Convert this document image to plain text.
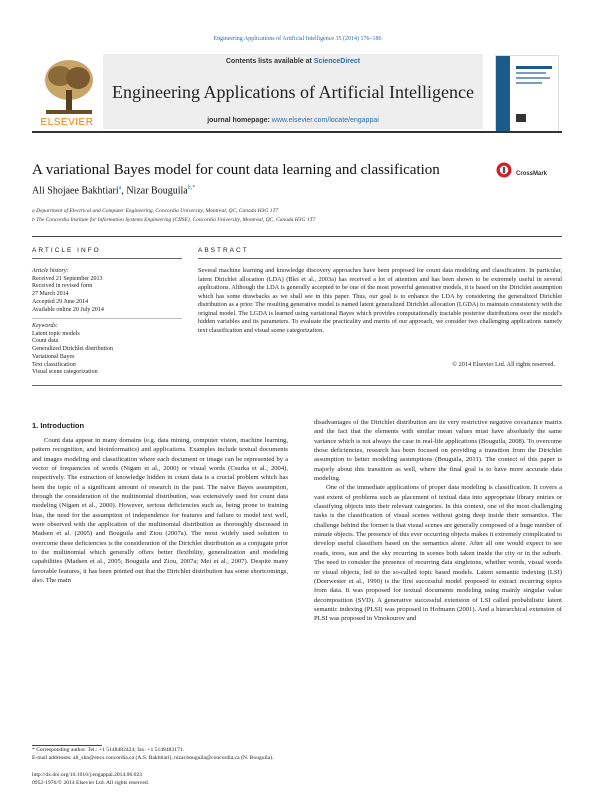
Engineering Applications of Artificial Intelligence 35 (2014) 176–186
Contents lists available at ScienceDirect
Engineering Applications of Artificial Intelligence
journal homepage: www.elsevier.com/locate/engappai
ELSEVIER
A variational Bayes model for count data learning and classification	CrossMark
Ali Shojaee Bakhtiari$^a$, Nizar Bouguila$^{b,*}$
a Department of Electrical and Computer Engineering, Concordia University, Montreal, QC, Canada H3G 1T7
b The Concordia Institute for Information Systems Engineering (CIISE), Concordia University, Montreal, QC, Canada H3G 1T7
ARTICLE INFO
Article history:
Received 21 September 2013
Received in revised form
27 March 2014
Accepted 29 June 2014
Available online 20 July 2014
Keywords:
Latent topic models
Count data
Generalized Dirichlet distribution
Variational Bayes
Text classification
Visual scene categorization
ABSTRACT
Several machine learning and knowledge discovery approaches have been proposed for count data modeling and classification. In particular, latent Dirichlet allocation (LDA) (Blei et al., 2003a) has received a lot of attention and has been shown to be extremely useful in several applications. Although the LDA is generally accepted to be one of the most powerful generative models, it is based on the Dirichlet assumption which has some drawbacks as we shall see in this paper. Thus, our goal is to enhance the LDA by considering the generalized Dirichlet distribution as a prior. The resulting generative model is named latent generalized Dirichlet allocation (LGDA) to maintain consistency with the original model. The LGDA is learned using variational Bayes which provides computationally tractable posterior distributions over the model's hidden variables and its parameters. To evaluate the practicality and merits of our approach, we consider two challenging applications namely text classification and visual scene categorization.
© 2014 Elsevier Ltd. All rights reserved.
1. Introduction

Count data appear in many domains (e.g. data mining, computer vision, machine learning, pattern recognition, and bioinformatics) and applications. Examples include textual documents and images modeling and classification where each document or image can be represented by a vector of frequencies of words (Nigam et al., 2000) or visual words (Csurka et al., 2004), respectively. The extraction of knowledge hidden in count data is a crucial problem which has been the topic of a significant amount of research in the past. The naive Bayes assumption, through the consideration of the multinomial distribution, was extensively used for count data modeling (Nigam et al., 2000). However, serious deficiencies such as, being prone to training bias, the need for the assumption of independence for features and failure to model text well, were observed with the application of the multinomial distribution as thoroughly discussed in Madsen et al. (2005) and Bouguila and Ziou (2007a). The most widely used solution to overcome these deficiencies is the consideration of the Dirichlet distribution as a conjugate prior to the multinomial which generally offers better flexibility, generalization and modeling capabilities (Madsen et al., 2005; Bouguila and Ziou, 2007a; Mei et al., 2007). Despite many favorable features, it has been pointed out that the Dirichlet distribution has some shortcomings, also. The main

disadvantages of the Dirichlet distribution are its very restrictive negative covariance matrix and the fact that the elements with similar mean values must have absolutely the same variance which is not always the case in real-life applications (Bouguila, 2008). To overcome those deficiencies, research has been focused on providing a transition from the Dirichlet assumption to better modeling assumptions (Bouguila, 2011). The contect of this paper is majorly about this transition as well, where the final goal is to have more accurate data modeling.

One of the immediate applications of proper data modeling is classification. It covers a vast extent of problems such as placement of textual data into appropriate library entries or classifying objects into their relevant categories. In this context, one of the most challenging tasks is the classification of visual scenes without going deep inside their semantics. The challenge behind the former is that visual scenes are generally composed of a huge number of minute objects. The presence of this ever occurring objects makes it extremely complicated to develop useful classifiers based on the semantics alone. After all one would expect to see roads, trees, sun and the sky recurring in scenes both taken inside the city or in the suburb. The need to consider the presence of recurring data singletons, whether words, visual words or visual objects, led to the so-called topic based models. Latent semantic indexing (LSI) (Deerwester et al., 1990) is the first successful model proposed to extract recurring topics from data. It was proposed for textual documents modeling using mainly singular value decomposition (SVD). A generative successful extension of LSI called probabilistic latent semantic indexing (PLSI) was proposed in Hofmann (2001). And a hierarchical extension of PLSI was proposed in Vinokourov and

* Corresponding author. Tel.: +1 5148482424; fax: +1 5148483171.
E-mail addresses: ali_sho@encs.concordia.ca (A.S. Bakhtiari), nizar.bouguila@concordia.ca (N. Bouguila).
http://dx.doi.org/10.1016/j.engappai.2014.06.023
0952-1976/© 2014 Elsevier Ltd. All rights reserved.
